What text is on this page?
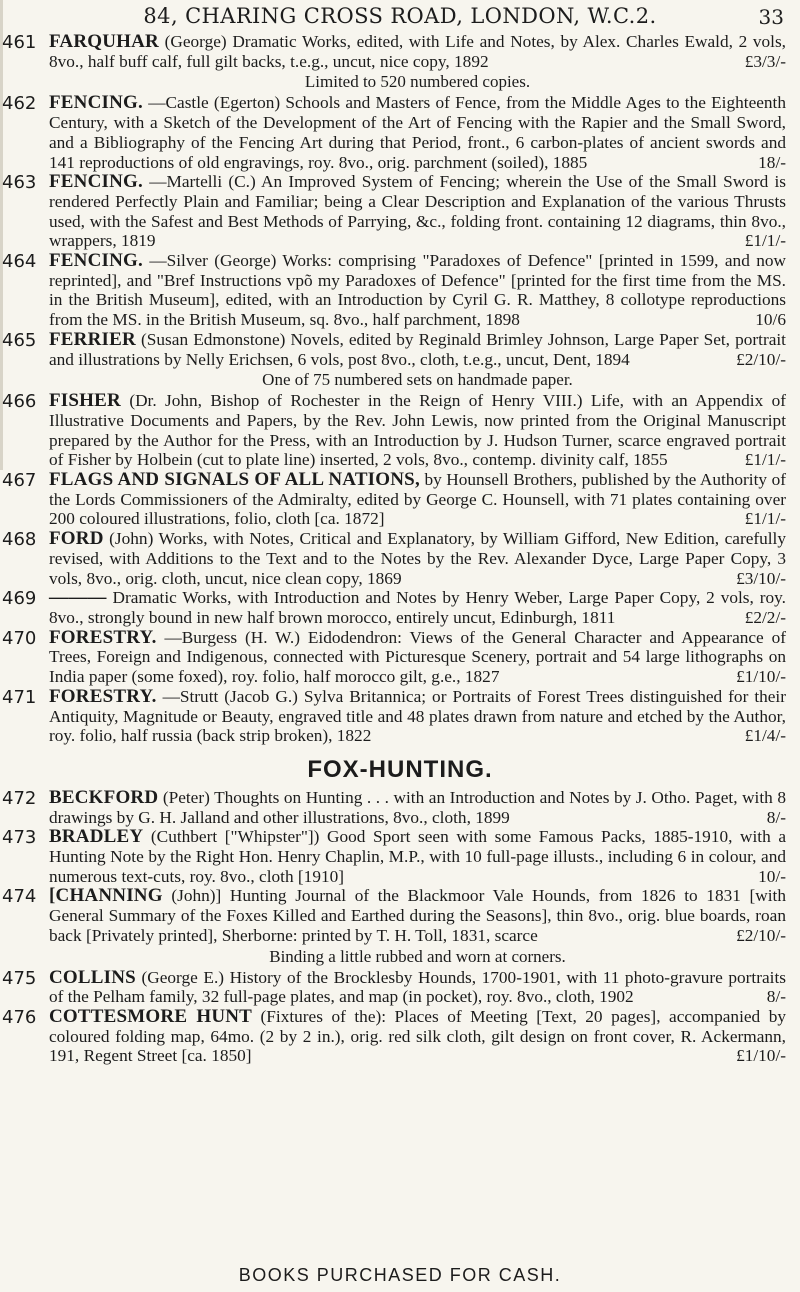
84, CHARING CROSS ROAD, LONDON, W.C.2.	33
461 FARQUHAR (George) Dramatic Works, edited, with Life and Notes, by Alex. Charles Ewald, 2 vols, 8vo., half buff calf, full gilt backs, t.e.g., uncut, nice copy, 1892	£3/3/-
Limited to 520 numbered copies.
462 FENCING. —Castle (Egerton) Schools and Masters of Fence, from the Middle Ages to the Eighteenth Century, with a Sketch of the Development of the Art of Fencing with the Rapier and the Small Sword, and a Bibliography of the Fencing Art during that Period, front., 6 carbon-plates of ancient swords and 141 reproductions of old engravings, roy. 8vo., orig. parchment (soiled), 1885	18/-
463 FENCING. —Martelli (C.) An Improved System of Fencing; wherein the Use of the Small Sword is rendered Perfectly Plain and Familiar; being a Clear Description and Explanation of the various Thrusts used, with the Safest and Best Methods of Parrying, &c., folding front. containing 12 diagrams, thin 8vo., wrappers, 1819	£1/1/-
464 FENCING. —Silver (George) Works: comprising "Paradoxes of Defence" [printed in 1599, and now reprinted], and "Bref Instructions vpõ my Paradoxes of Defence" [printed for the first time from the MS. in the British Museum], edited, with an Introduction by Cyril G. R. Matthey, 8 collotype reproductions from the MS. in the British Museum, sq. 8vo., half parchment, 1898	10/6
465 FERRIER (Susan Edmonstone) Novels, edited by Reginald Brimley Johnson, Large Paper Set, portrait and illustrations by Nelly Erichsen, 6 vols, post 8vo., cloth, t.e.g., uncut, Dent, 1894	£2/10/-
One of 75 numbered sets on handmade paper.
466 FISHER (Dr. John, Bishop of Rochester in the Reign of Henry VIII.) Life, with an Appendix of Illustrative Documents and Papers, by the Rev. John Lewis, now printed from the Original Manuscript prepared by the Author for the Press, with an Introduction by J. Hudson Turner, scarce engraved portrait of Fisher by Holbein (cut to plate line) inserted, 2 vols, 8vo., contemp. divinity calf, 1855	£1/1/-
467 FLAGS AND SIGNALS OF ALL NATIONS, by Hounsell Brothers, published by the Authority of the Lords Commissioners of the Admiralty, edited by George C. Hounsell, with 71 plates containing over 200 coloured illustrations, folio, cloth [ca. 1872]	£1/1/-
468 FORD (John) Works, with Notes, Critical and Explanatory, by William Gifford, New Edition, carefully revised, with Additions to the Text and to the Notes by the Rev. Alexander Dyce, Large Paper Copy, 3 vols, 8vo., orig. cloth, uncut, nice clean copy, 1869	£3/10/-
469 ——— Dramatic Works, with Introduction and Notes by Henry Weber, Large Paper Copy, 2 vols, roy. 8vo., strongly bound in new half brown morocco, entirely uncut, Edinburgh, 1811	£2/2/-
470 FORESTRY. —Burgess (H. W.) Eidodendron: Views of the General Character and Appearance of Trees, Foreign and Indigenous, connected with Picturesque Scenery, portrait and 54 large lithographs on India paper (some foxed), roy. folio, half morocco gilt, g.e., 1827	£1/10/-
471 FORESTRY. —Strutt (Jacob G.) Sylva Britannica; or Portraits of Forest Trees distinguished for their Antiquity, Magnitude or Beauty, engraved title and 48 plates drawn from nature and etched by the Author, roy. folio, half russia (back strip broken), 1822	£1/4/-
FOX-HUNTING.
472 BECKFORD (Peter) Thoughts on Hunting . . . with an Introduction and Notes by J. Otho. Paget, with 8 drawings by G. H. Jalland and other illustrations, 8vo., cloth, 1899	8/-
473 BRADLEY (Cuthbert ["Whipster"]) Good Sport seen with some Famous Packs, 1885-1910, with a Hunting Note by the Right Hon. Henry Chaplin, M.P., with 10 full-page illusts., including 6 in colour, and numerous text-cuts, roy. 8vo., cloth [1910]	10/-
474 [CHANNING (John)] Hunting Journal of the Blackmoor Vale Hounds, from 1826 to 1831 [with General Summary of the Foxes Killed and Earthed during the Seasons], thin 8vo., orig. blue boards, roan back [Privately printed], Sherborne: printed by T. H. Toll, 1831, scarce	£2/10/-
Binding a little rubbed and worn at corners.
475 COLLINS (George E.) History of the Brocklesby Hounds, 1700-1901, with 11 photo-gravure portraits of the Pelham family, 32 full-page plates, and map (in pocket), roy. 8vo., cloth, 1902	8/-
476 COTTESMORE HUNT (Fixtures of the): Places of Meeting [Text, 20 pages], accompanied by coloured folding map, 64mo. (2 by 2 in.), orig. red silk cloth, gilt design on front cover, R. Ackermann, 191, Regent Street [ca. 1850]	£1/10/-
BOOKS PURCHASED FOR CASH.
